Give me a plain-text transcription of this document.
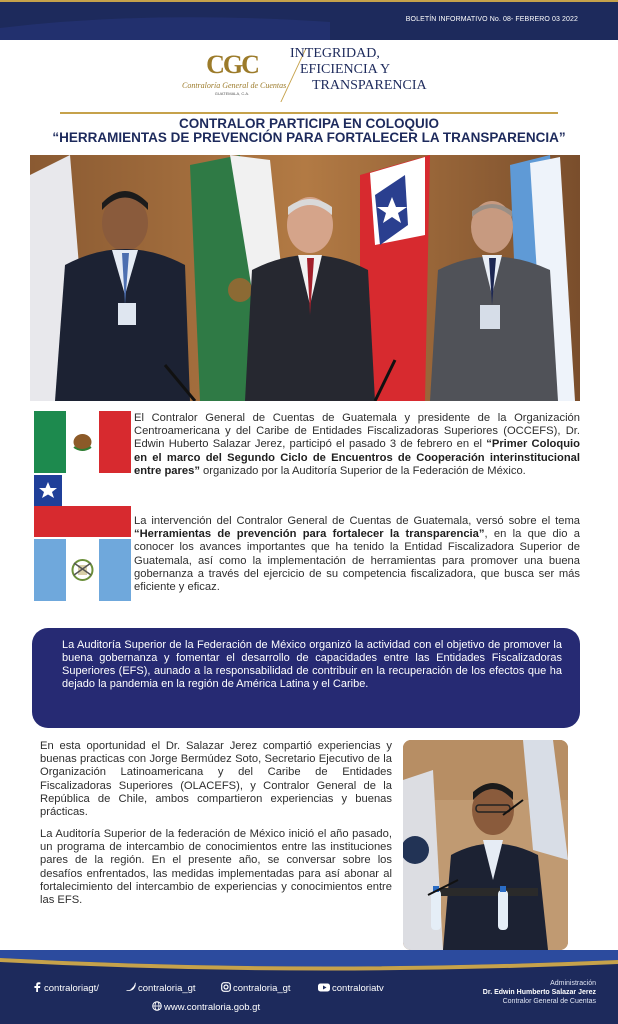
BOLETÍN INFORMATIVO No. 08- FEBRERO 03 2022
CGC
Contraloría General de Cuentas
GUATEMALA, C.A.
INTEGRIDAD,
EFICIENCIA Y
TRANSPARENCIA
CONTRALOR PARTICIPA EN COLOQUIO
“HERRAMIENTAS DE PREVENCIÓN PARA FORTALECER LA TRANSPARENCIA”

El Contralor General de Cuentas de Guatemala y presidente de la Organización Centroamericana y del Caribe de Entidades Fiscalizadoras Superiores (OCCEFS), Dr. Edwin Huberto Salazar Jerez, participó el pasado 3 de febrero en el “Primer Coloquio en el marco del Segundo Ciclo de Encuentros de Cooperación interinstitucional entre pares” organizado por la Auditoría Superior de la Federación de México.

La intervención del Contralor General de Cuentas de Guatemala, versó sobre el tema “Herramientas de prevención para fortalecer la transparencia”, en la que dio a conocer los avances importantes que ha tenido la Entidad Fiscalizadora Superior de Guatemala, así como la implementación de herramientas para promover una buena gobernanza a través del ejercicio de su competencia fiscalizadora, que busca ser más eficiente y eficaz.

La Auditoría Superior de la Federación de México organizó la actividad con el objetivo de promover la buena gobernanza y fomentar el desarrollo de capacidades entre las Entidades Fiscalizadoras Superiores (EFS), aunado a la responsabilidad de contribuir en la recuperación de los efectos que ha dejado la pandemia en la región de América Latina y el Caribe.

En esta oportunidad el Dr. Salazar Jerez compartió experiencias y buenas practicas con Jorge Bermúdez Soto, Secretario Ejecutivo de la Organización Latinoamericana y del Caribe de Entidades Fiscalizadoras Superiores (OLACEFS), y Contralor General de la República de Chile, ambos compartieron experiencias y buenas prácticas.

La Auditoría Superior de la federación de México inició el año pasado, un programa de intercambio de conocimientos entre las instituciones pares de la región. En el presente año, se conversar sobre los desafíos enfrentados, las medidas implementadas para así abonar al fortalecimiento del intercambio de experiencias y conocimientos entre las EFS.

contraloriagt/	contraloria_gt	contraloria_gt	contraloriatv
www.contraloria.gob.gt
Administración
Dr. Edwin Humberto Salazar Jerez
Contralor General de Cuentas
